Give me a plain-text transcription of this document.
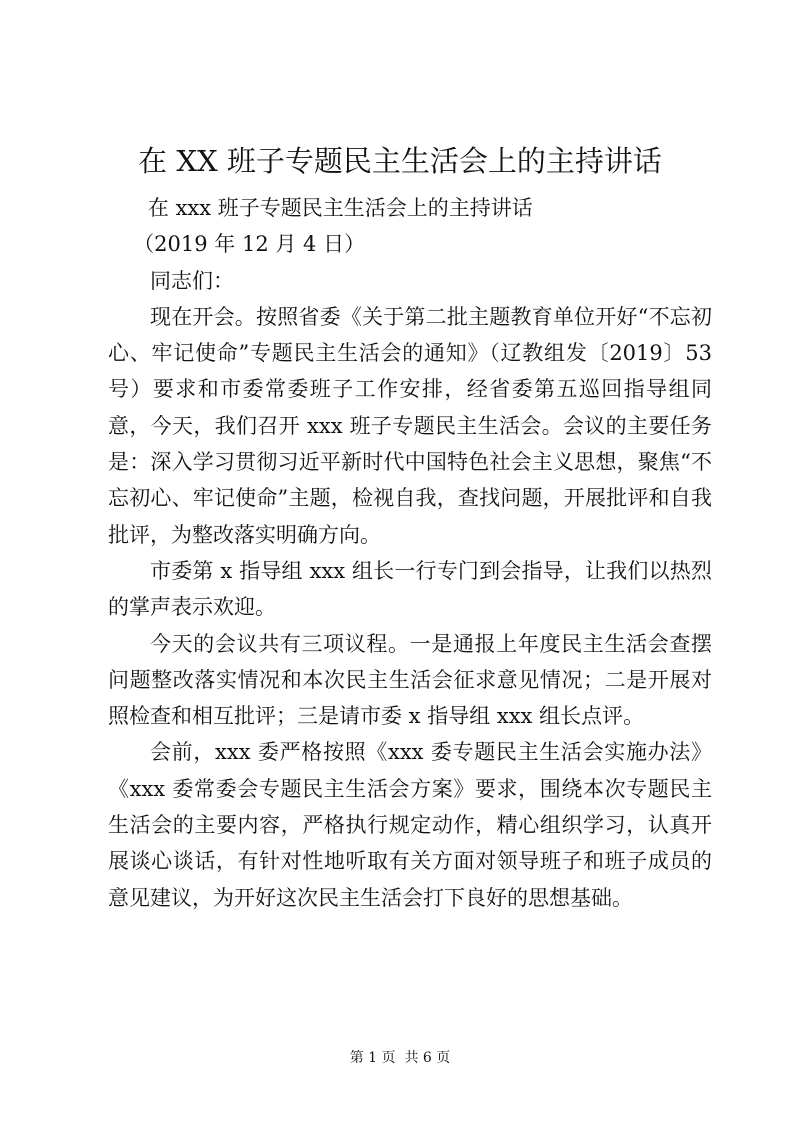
在 XX 班子专题民主生活会上的主持讲话

在 xxx 班子专题民主生活会上的主持讲话

（2019 年 12 月 4 日）

同志们：

现在开会。按照省委《关于第二批主题教育单位开好“不忘初心、牢记使命”专题民主生活会的通知》（辽教组发〔2019〕53 号）要求和市委常委班子工作安排，经省委第五巡回指导组同意，今天，我们召开 xxx 班子专题民主生活会。会议的主要任务是：深入学习贯彻习近平新时代中国特色社会主义思想，聚焦“不忘初心、牢记使命”主题，检视自我，查找问题，开展批评和自我批评，为整改落实明确方向。

市委第 x 指导组 xxx 组长一行专门到会指导，让我们以热烈的掌声表示欢迎。

今天的会议共有三项议程。一是通报上年度民主生活会查摆问题整改落实情况和本次民主生活会征求意见情况；二是开展对照检查和相互批评；三是请市委 x 指导组 xxx 组长点评。

会前，xxx 委严格按照《xxx 委专题民主生活会实施办法》《xxx 委常委会专题民主生活会方案》要求，围绕本次专题民主生活会的主要内容，严格执行规定动作，精心组织学习，认真开展谈心谈话，有针对性地听取有关方面对领导班子和班子成员的意见建议，为开好这次民主生活会打下良好的思想基础。

第 1 页  共 6 页
